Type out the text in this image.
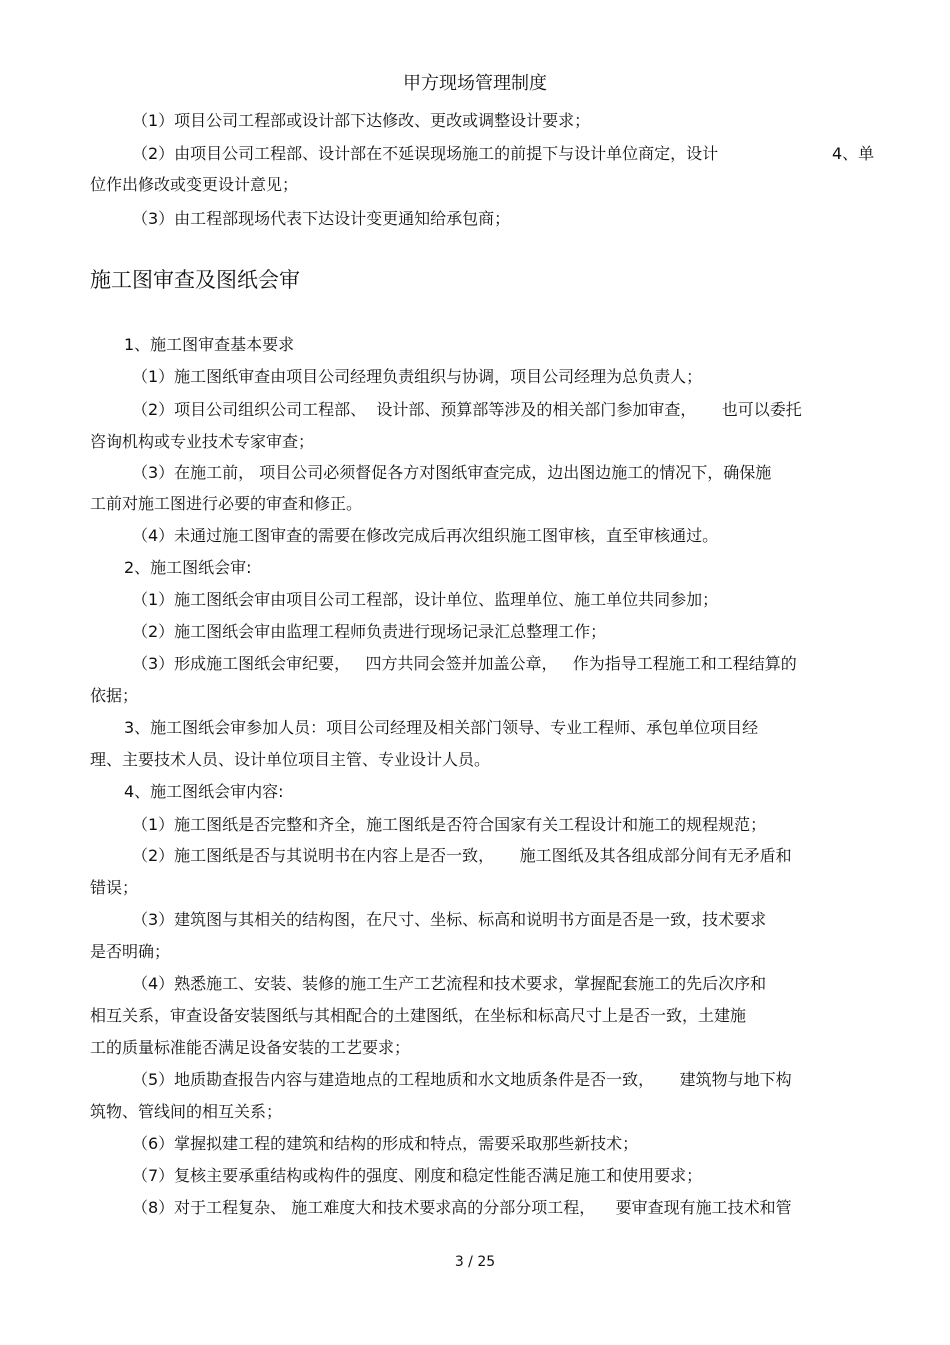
甲方现场管理制度
（1）项目公司工程部或设计部下达修改、更改或调整设计要求；
（2）由项目公司工程部、设计部在不延误现场施工的前提下与设计单位商定，设计	4、单
位作出修改或变更设计意见；
（3）由工程部现场代表下达设计变更通知给承包商；
施工图审查及图纸会审
1、施工图审查基本要求
（1）施工图纸审查由项目公司经理负责组织与协调，项目公司经理为总负责人；
（2）项目公司组织公司工程部、  设计部、预算部等涉及的相关部门参加审查，     也可以委托
咨询机构或专业技术专家审查；
（3）在施工前， 项目公司必须督促各方对图纸审查完成，边出图边施工的情况下，确保施
工前对施工图进行必要的审查和修正。
（4）未通过施工图审查的需要在修改完成后再次组织施工图审核，直至审核通过。
2、施工图纸会审:
（1）施工图纸会审由项目公司工程部，设计单位、监理单位、施工单位共同参加；
（2）施工图纸会审由监理工程师负责进行现场记录汇总整理工作；
（3）形成施工图纸会审纪要，   四方共同会签并加盖公章，   作为指导工程施工和工程结算的
依据；
3、施工图纸会审参加人员：项目公司经理及相关部门领导、专业工程师、承包单位项目经
理、主要技术人员、设计单位项目主管、专业设计人员。
4、施工图纸会审内容:
（1）施工图纸是否完整和齐全，施工图纸是否符合国家有关工程设计和施工的规程规范；
（2）施工图纸是否与其说明书在内容上是否一致，     施工图纸及其各组成部分间有无矛盾和
错误；
（3）建筑图与其相关的结构图，在尺寸、坐标、标高和说明书方面是否是一致，技术要求
是否明确；
（4）熟悉施工、安装、装修的施工生产工艺流程和技术要求，掌握配套施工的先后次序和
相互关系，审查设备安装图纸与其相配合的土建图纸，在坐标和标高尺寸上是否一致，土建施
工的质量标准能否满足设备安装的工艺要求；
（5）地质勘查报告内容与建造地点的工程地质和水文地质条件是否一致，     建筑物与地下构
筑物、管线间的相互关系；
（6）掌握拟建工程的建筑和结构的形成和特点，需要采取那些新技术；
（7）复核主要承重结构或构件的强度、刚度和稳定性能否满足施工和使用要求；
（8）对于工程复杂、 施工难度大和技术要求高的分部分项工程，    要审查现有施工技术和管
3 / 25
